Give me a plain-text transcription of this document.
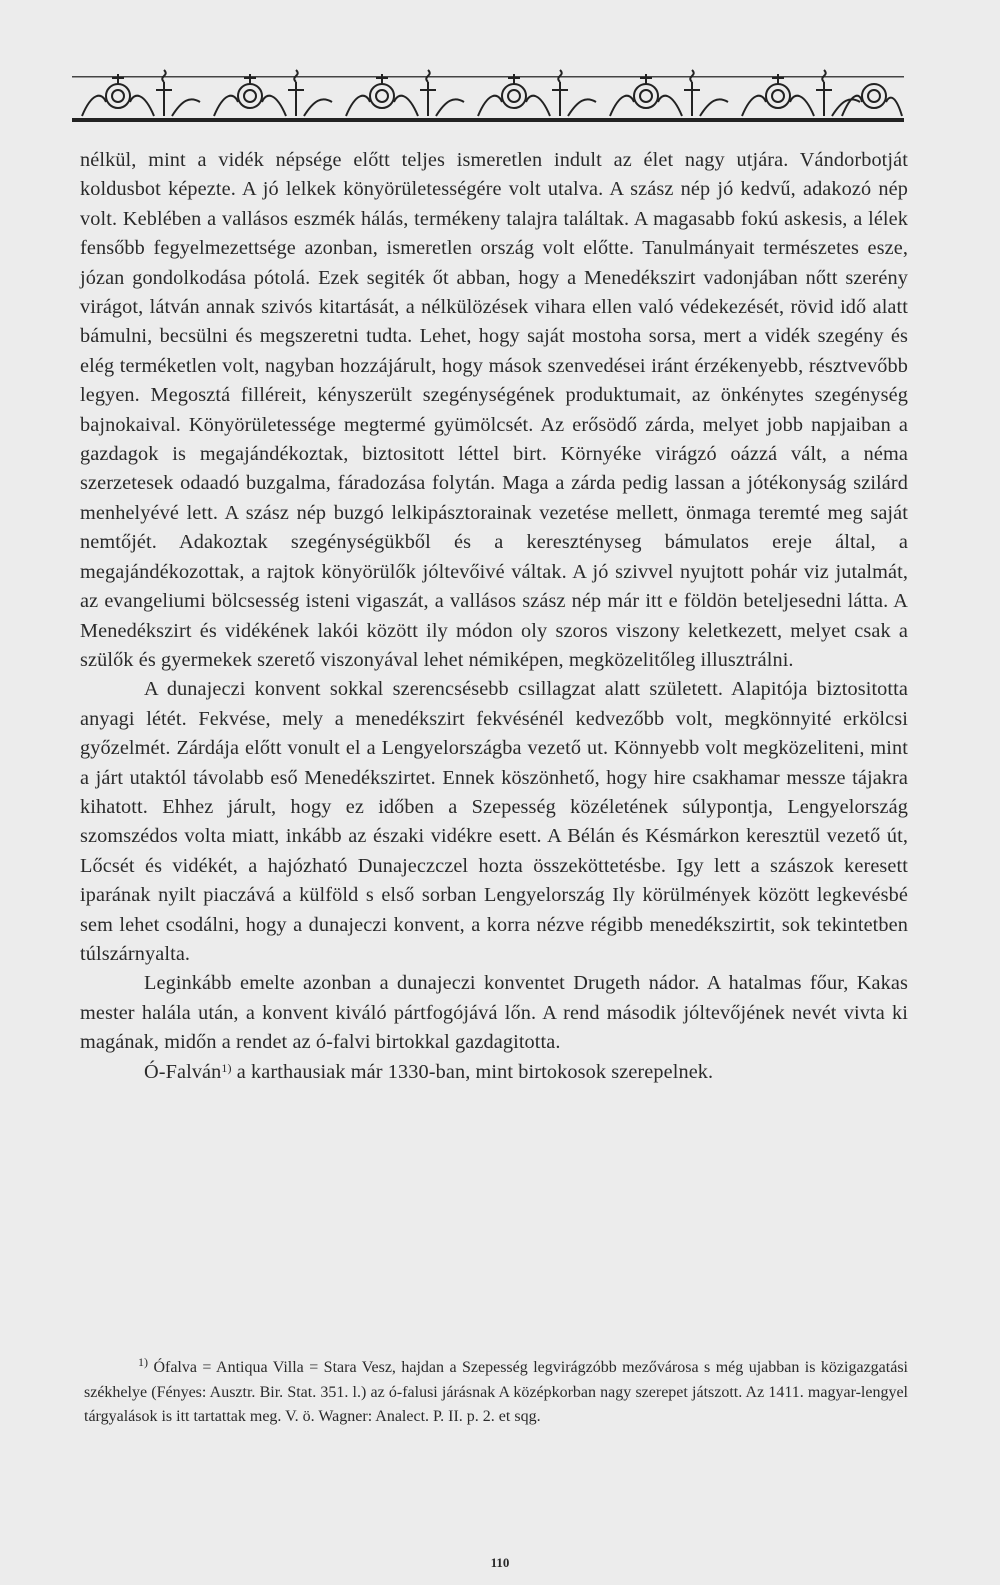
nélkül, mint a vidék népsége előtt teljes ismeretlen indult az élet nagy utjára. Vándorbotját koldusbot képezte. A jó lelkek könyörületességére volt utalva. A szász nép jó kedvű, adakozó nép volt. Keblében a vallásos eszmék hálás, termékeny talajra találtak. A magasabb fokú askesis, a lélek fensőbb fegyelmezettsége azonban, ismeretlen ország volt előtte. Tanulmányait természetes esze, józan gondolkodása pótolá. Ezek segiték őt abban, hogy a Menedékszirt vadonjában nőtt szerény virágot, látván annak szivós kitartását, a nélkülözések vihara ellen való védekezését, rövid idő alatt bámulni, becsülni és megszeretni tudta. Lehet, hogy saját mostoha sorsa, mert a vidék szegény és elég terméketlen volt, nagyban hozzájárult, hogy mások szenvedései iránt érzékenyebb, résztvevőbb legyen. Megosztá filléreit, kényszerült szegénységének produktumait, az önkénytes szegénység bajnokaival. Könyörületessége megtermé gyümölcsét. Az erősödő zárda, melyet jobb napjaiban a gazdagok is megajándékoztak, biztositott léttel birt. Környéke virágzó oázzá vált, a néma szerzetesek odaadó buzgalma, fáradozása folytán. Maga a zárda pedig lassan a jótékonyság szilárd menhelyévé lett. A szász nép buzgó lelkipásztorainak vezetése mellett, önmaga teremté meg saját nemtőjét. Adakoztak szegénységükből és a keresztényseg bámulatos ereje által, a megajándékozottak, a rajtok könyörülők jóltevőivé váltak. A jó szivvel nyujtott pohár viz jutalmát, az evangeliumi bölcsesség isteni vigaszát, a vallásos szász nép már itt e földön beteljesedni látta. A Menedékszirt és vidékének lakói között ily módon oly szoros viszony keletkezett, melyet csak a szülők és gyermekek szerető viszonyával lehet némiképen, megközelitőleg illusztrálni.

A dunajeczi konvent sokkal szerencsésebb csillagzat alatt született. Alapitója biztositotta anyagi létét. Fekvése, mely a menedékszirt fekvésénél kedvezőbb volt, megkönnyité erkölcsi győzelmét. Zárdája előtt vonult el a Lengyelországba vezető ut. Könnyebb volt megközeliteni, mint a járt utaktól távolabb eső Menedékszirtet. Ennek köszönhető, hogy hire csakhamar messze tájakra kihatott. Ehhez járult, hogy ez időben a Szepesség közéletének súlypontja, Lengyelország szomszédos volta miatt, inkább az északi vidékre esett. A Bélán és Késmárkon keresztül vezető út, Lőcsét és vidékét, a hajózható Dunajeczczel hozta összeköttetésbe. Igy lett a szászok keresett iparának nyilt piaczává a külföld s első sorban Lengyelország Ily körülmények között legkevésbé sem lehet csodálni, hogy a dunajeczi konvent, a korra nézve régibb menedékszirtit, sok tekintetben túlszárnyalta.

Leginkább emelte azonban a dunajeczi konventet Drugeth nádor. A hatalmas főur, Kakas mester halála után, a konvent kiváló pártfogójává lőn. A rend második jóltevőjének nevét vivta ki magának, midőn a rendet az ó-falvi birtokkal gazdagitotta.

Ó-Falván$^{1)}$ a karthausiak már 1330-ban, mint birtokosok szerepelnek.

$^{1)}$ Ófalva = Antiqua Villa = Stara Vesz, hajdan a Szepesség legvirágzóbb mezővárosa s még ujabban is közigazgatási székhelye (Fényes: Ausztr. Bir. Stat. 351. l.) az ó-falusi járásnak A középkorban nagy szerepet játszott. Az 1411. magyar-lengyel tárgyalások is itt tartattak meg. V. ö. Wagner: Analect. P. II. p. 2. et sqg.

110
